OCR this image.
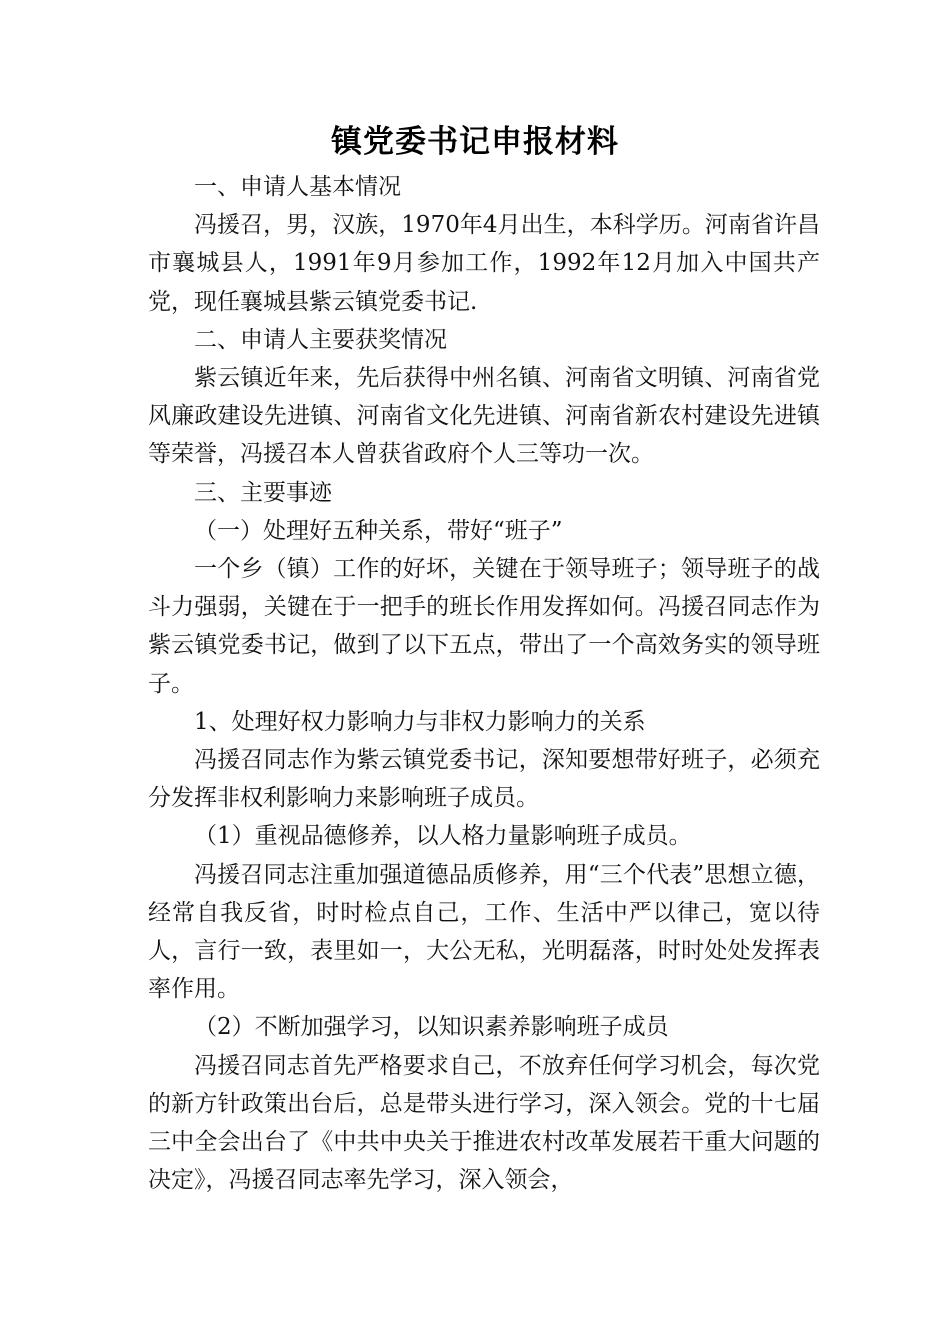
镇党委书记申报材料

一、申请人基本情况

冯援召，男，汉族，1970年4月出生，本科学历。河南省许昌市襄城县人，1991年9月参加工作，1992年12月加入中国共产党，现任襄城县紫云镇党委书记.

二、申请人主要获奖情况

紫云镇近年来，先后获得中州名镇、河南省文明镇、河南省党风廉政建设先进镇、河南省文化先进镇、河南省新农村建设先进镇等荣誉，冯援召本人曾获省政府个人三等功一次。

三、主要事迹

（一）处理好五种关系，带好“班子”

一个乡（镇）工作的好坏，关键在于领导班子；领导班子的战斗力强弱，关键在于一把手的班长作用发挥如何。冯援召同志作为紫云镇党委书记，做到了以下五点，带出了一个高效务实的领导班子。

1、处理好权力影响力与非权力影响力的关系

冯援召同志作为紫云镇党委书记，深知要想带好班子，必须充分发挥非权利影响力来影响班子成员。

（1）重视品德修养，以人格力量影响班子成员。

冯援召同志注重加强道德品质修养，用“三个代表”思想立德，经常自我反省，时时检点自己，工作、生活中严以律己，宽以待人，言行一致，表里如一，大公无私，光明磊落，时时处处发挥表率作用。

（2）不断加强学习，以知识素养影响班子成员

冯援召同志首先严格要求自己，不放弃任何学习机会，每次党的新方针政策出台后，总是带头进行学习，深入领会。党的十七届三中全会出台了《中共中央关于推进农村改革发展若干重大问题的决定》，冯援召同志率先学习，深入领会，
